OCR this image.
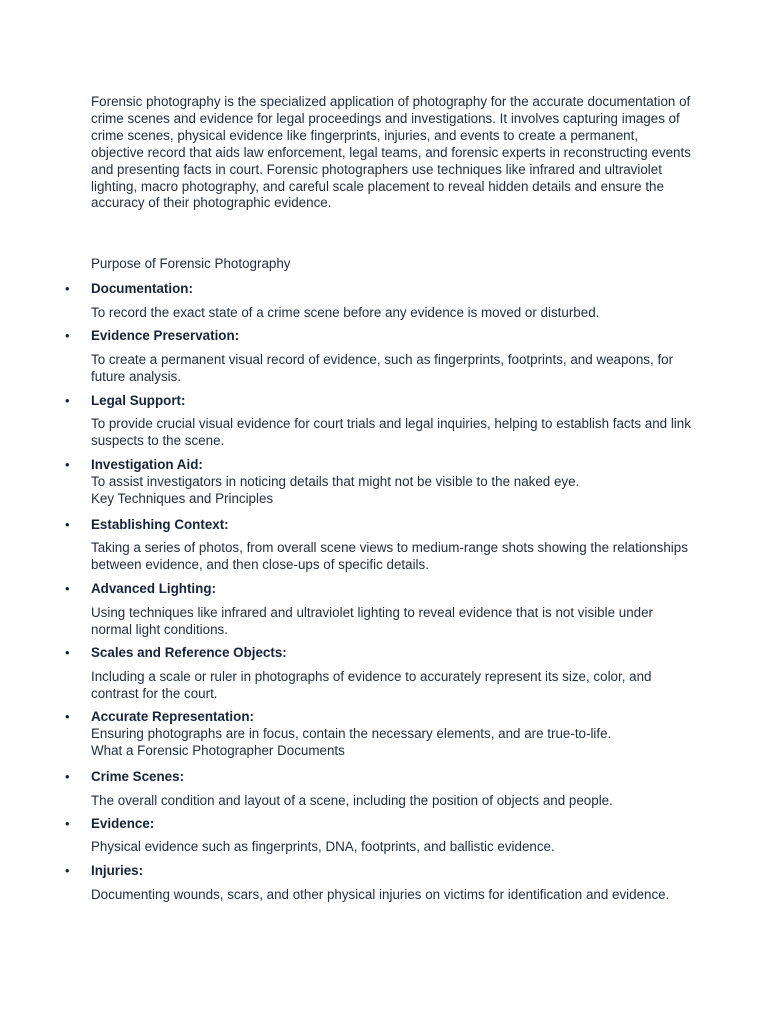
Forensic photography is the specialized application of photography for the accurate documentation of crime scenes and evidence for legal proceedings and investigations. It involves capturing images of crime scenes, physical evidence like fingerprints, injuries, and events to create a permanent, objective record that aids law enforcement, legal teams, and forensic experts in reconstructing events and presenting facts in court. Forensic photographers use techniques like infrared and ultraviolet lighting, macro photography, and careful scale placement to reveal hidden details and ensure the accuracy of their photographic evidence.

Purpose of Forensic Photography

•	Documentation:

To record the exact state of a crime scene before any evidence is moved or disturbed.

•	Evidence Preservation:

To create a permanent visual record of evidence, such as fingerprints, footprints, and weapons, for future analysis.

•	Legal Support:

To provide crucial visual evidence for court trials and legal inquiries, helping to establish facts and link suspects to the scene.

•	Investigation Aid:

To assist investigators in noticing details that might not be visible to the naked eye.

Key Techniques and Principles

•	Establishing Context:

Taking a series of photos, from overall scene views to medium-range shots showing the relationships between evidence, and then close-ups of specific details.

•	Advanced Lighting:

Using techniques like infrared and ultraviolet lighting to reveal evidence that is not visible under normal light conditions.

•	Scales and Reference Objects:

Including a scale or ruler in photographs of evidence to accurately represent its size, color, and contrast for the court.

•	Accurate Representation:

Ensuring photographs are in focus, contain the necessary elements, and are true-to-life.

What a Forensic Photographer Documents

•	Crime Scenes:

The overall condition and layout of a scene, including the position of objects and people.

•	Evidence:

Physical evidence such as fingerprints, DNA, footprints, and ballistic evidence.

•	Injuries:

Documenting wounds, scars, and other physical injuries on victims for identification and evidence.
